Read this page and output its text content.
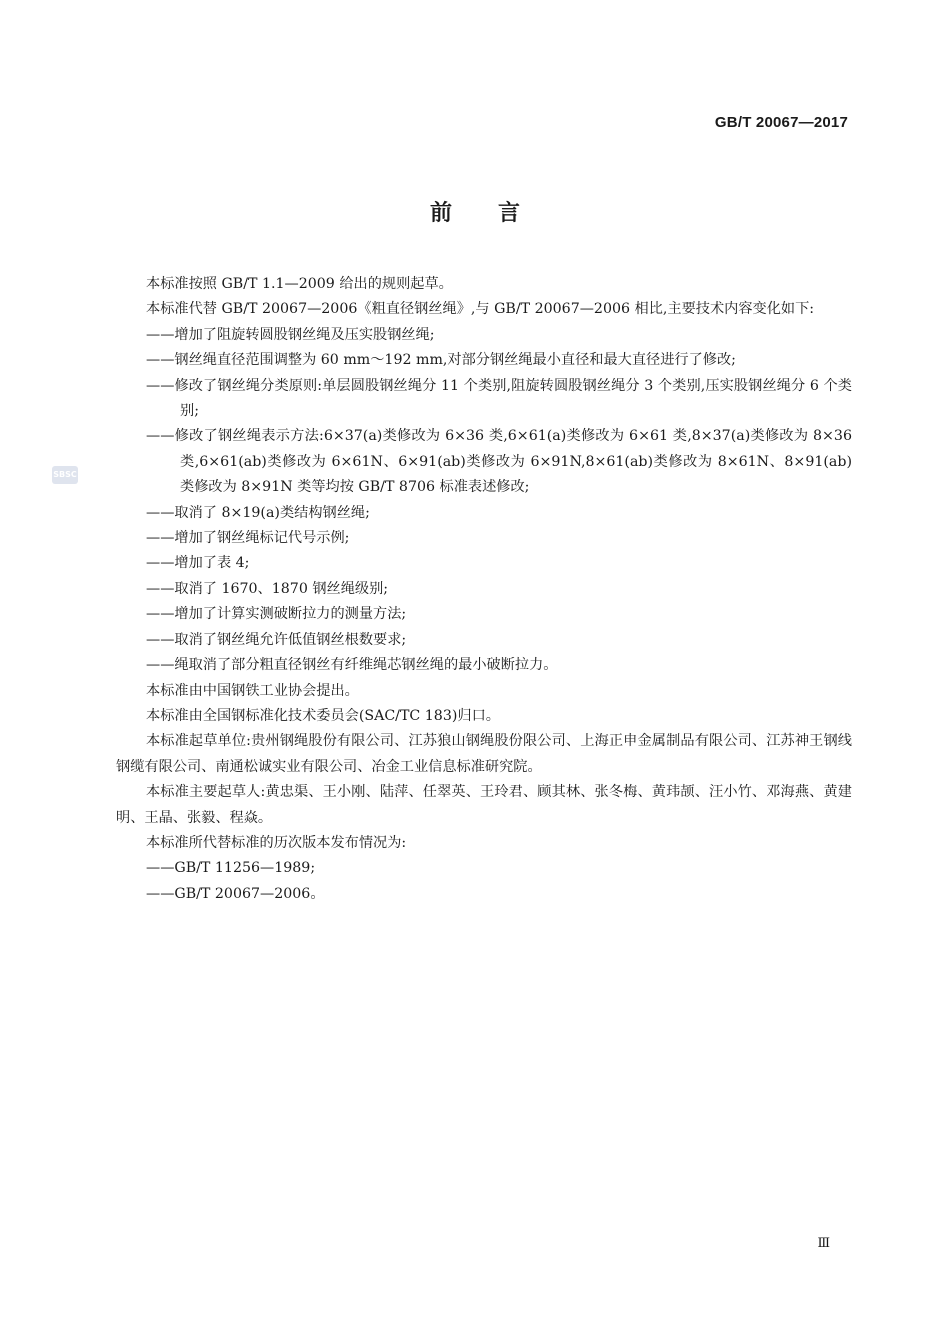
GB/T 20067—2017
前言
SBSC

本标准按照 GB/T 1.1—2009 给出的规则起草。

本标准代替 GB/T 20067—2006《粗直径钢丝绳》,与 GB/T 20067—2006 相比,主要技术内容变化如下:

——增加了阻旋转圆股钢丝绳及压实股钢丝绳;

——钢丝绳直径范围调整为 60 mm～192 mm,对部分钢丝绳最小直径和最大直径进行了修改;

——修改了钢丝绳分类原则:单层圆股钢丝绳分 11 个类别,阻旋转圆股钢丝绳分 3 个类别,压实股钢丝绳分 6 个类别;

——修改了钢丝绳表示方法:6×37(a)类修改为 6×36 类,6×61(a)类修改为 6×61 类,8×37(a)类修改为 8×36 类,6×61(ab)类修改为 6×61N、6×91(ab)类修改为 6×91N,8×61(ab)类修改为 8×61N、8×91(ab)类修改为 8×91N 类等均按 GB/T 8706 标准表述修改;

——取消了 8×19(a)类结构钢丝绳;

——增加了钢丝绳标记代号示例;

——增加了表 4;

——取消了 1670、1870 钢丝绳级别;

——增加了计算实测破断拉力的测量方法;

——取消了钢丝绳允许低值钢丝根数要求;

——绳取消了部分粗直径钢丝有纤维绳芯钢丝绳的最小破断拉力。

本标准由中国钢铁工业协会提出。

本标准由全国钢标准化技术委员会(SAC/TC 183)归口。

本标准起草单位:贵州钢绳股份有限公司、江苏狼山钢绳股份限公司、上海正申金属制品有限公司、江苏神王钢线钢缆有限公司、南通松诚实业有限公司、冶金工业信息标准研究院。

本标准主要起草人:黄忠渠、王小刚、陆萍、任翠英、王玲君、顾其林、张冬梅、黄玮颉、汪小竹、邓海燕、黄建明、王晶、张毅、程焱。

本标准所代替标准的历次版本发布情况为:

——GB/T 11256—1989;

——GB/T 20067—2006。

Ⅲ
